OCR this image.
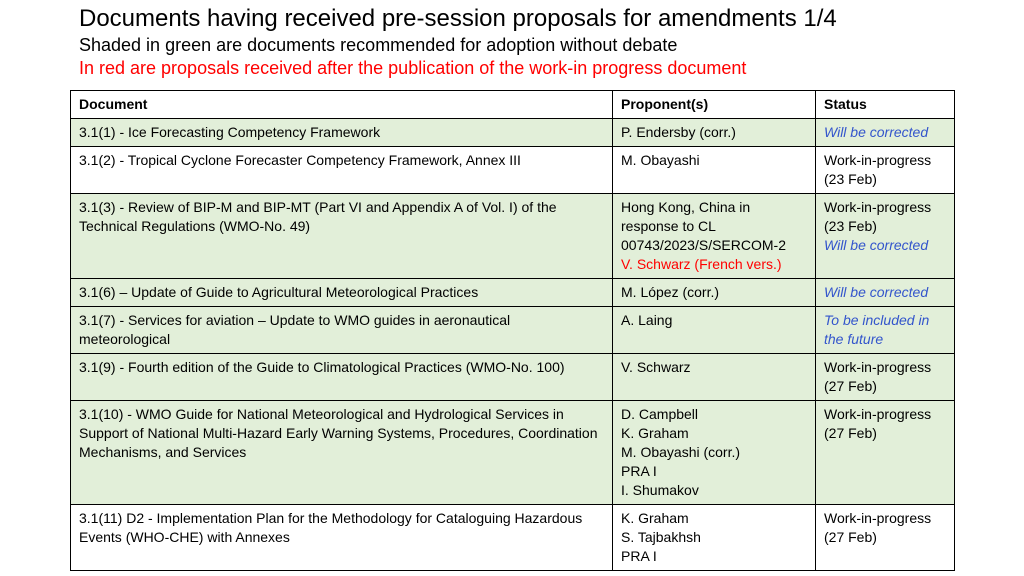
Documents having received pre-session proposals for amendments 1/4
Shaded in green are documents recommended for adoption without debate
In red are proposals received after the publication of the work-in progress document
Document	Proponent(s)	Status
3.1(1) - Ice Forecasting Competency Framework	P. Endersby (corr.)	Will be corrected

3.1(2) - Tropical Cyclone Forecaster Competency Framework, Annex III	M. Obayashi	Work-in-progress (23 Feb)

3.1(3) - Review of BIP-M and BIP-MT (Part VI and Appendix A of Vol. I) of the Technical Regulations (WMO-No. 49)	Hong Kong, China in response to CL 00743/2023/S/SERCOM-2
V. Schwarz (French vers.)	Work-in-progress (23 Feb)
Will be corrected

3.1(6) – Update of Guide to Agricultural Meteorological Practices	M. López (corr.)	Will be corrected

3.1(7) - Services for aviation – Update to WMO guides in aeronautical meteorological	A. Laing	To be included in the future

3.1(9) - Fourth edition of the Guide to Climatological Practices (WMO-No. 100)	V. Schwarz	Work-in-progress (27 Feb)

3.1(10) - WMO Guide for National Meteorological and Hydrological Services in Support of National Multi-Hazard Early Warning Systems, Procedures, Coordination Mechanisms, and Services	D. Campbell
K. Graham
M. Obayashi (corr.)
PRA I
I. Shumakov	Work-in-progress (27 Feb)

3.1(11) D2 - Implementation Plan for the Methodology for Cataloguing Hazardous Events (WHO-CHE) with Annexes	K. Graham
S. Tajbakhsh
PRA I	Work-in-progress (27 Feb)
